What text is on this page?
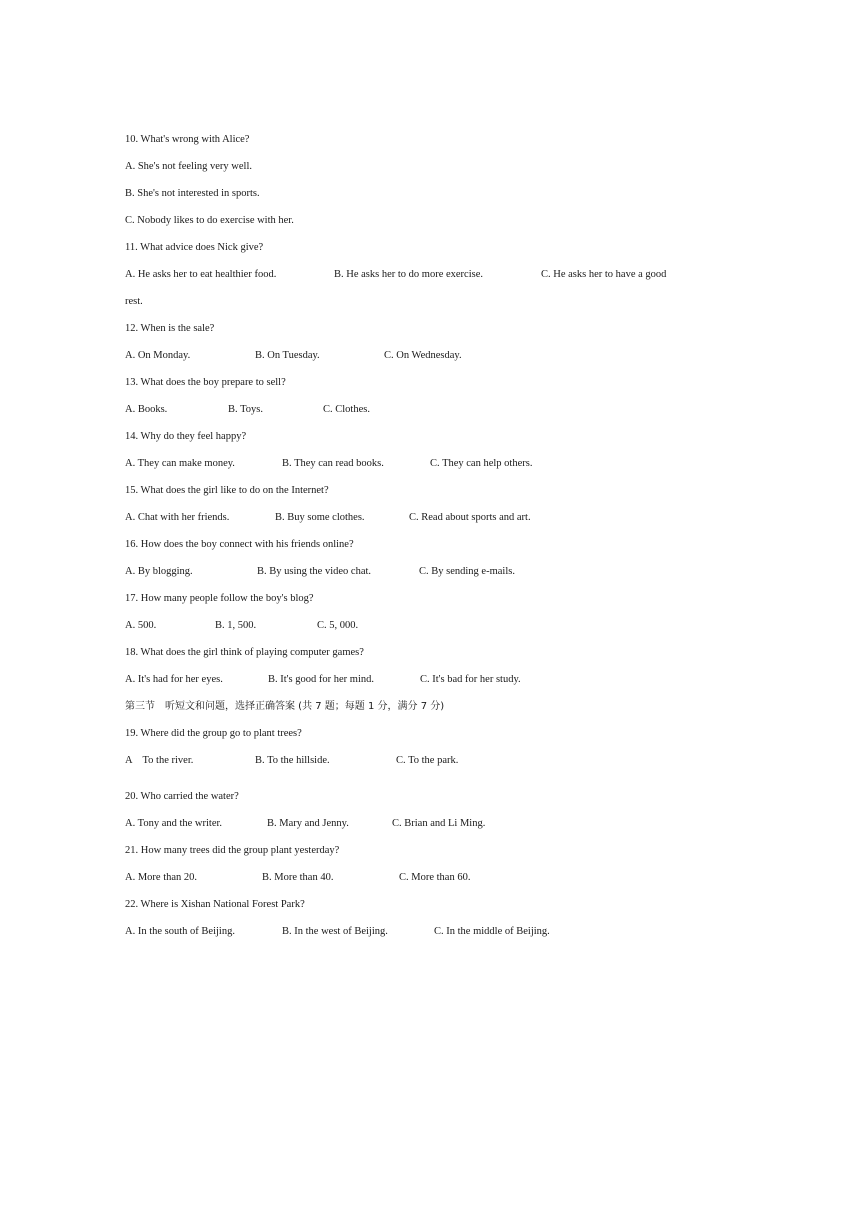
10. What's wrong with Alice?
A. She's not feeling very well.
B. She's not interested in sports.
C. Nobody likes to do exercise with her.
11. What advice does Nick give?
A. He asks her to eat healthier food.	B. He asks her to do more exercise.	C. He asks her to have a good
rest.
12. When is the sale?
A. On Monday.	B. On Tuesday.	C. On Wednesday.
13. What does the boy prepare to sell?
A. Books.	B. Toys.	C. Clothes.
14. Why do they feel happy?
A. They can make money.	B. They can read books.	C. They can help others.
15. What does the girl like to do on the Internet?
A. Chat with her friends.	B. Buy some clothes.	C. Read about sports and art.
16. How does the boy connect with his friends online?
A. By blogging.	B. By using the video chat.	C. By sending e-mails.
17. How many people follow the boy's blog?
A. 500.	B. 1, 500.	C. 5, 000.
18. What does the girl think of playing computer games?
A. It's had for her eyes.	B. It's good for her mind.	C. It's bad for her study.
第三节　听短文和问题，选择正确答案 (共 7 题；每题 1 分，满分 7 分)
19. Where did the group go to plant trees?
A　To the river.	B. To the hillside.	C. To the park.
20. Who carried the water?
A. Tony and the writer.	B. Mary and Jenny.	C. Brian and Li Ming.
21. How many trees did the group plant yesterday?
A. More than 20.	B. More than 40.	C. More than 60.
22. Where is Xishan National Forest Park?
A. In the south of Beijing.	B. In the west of Beijing.	C. In the middle of Beijing.
